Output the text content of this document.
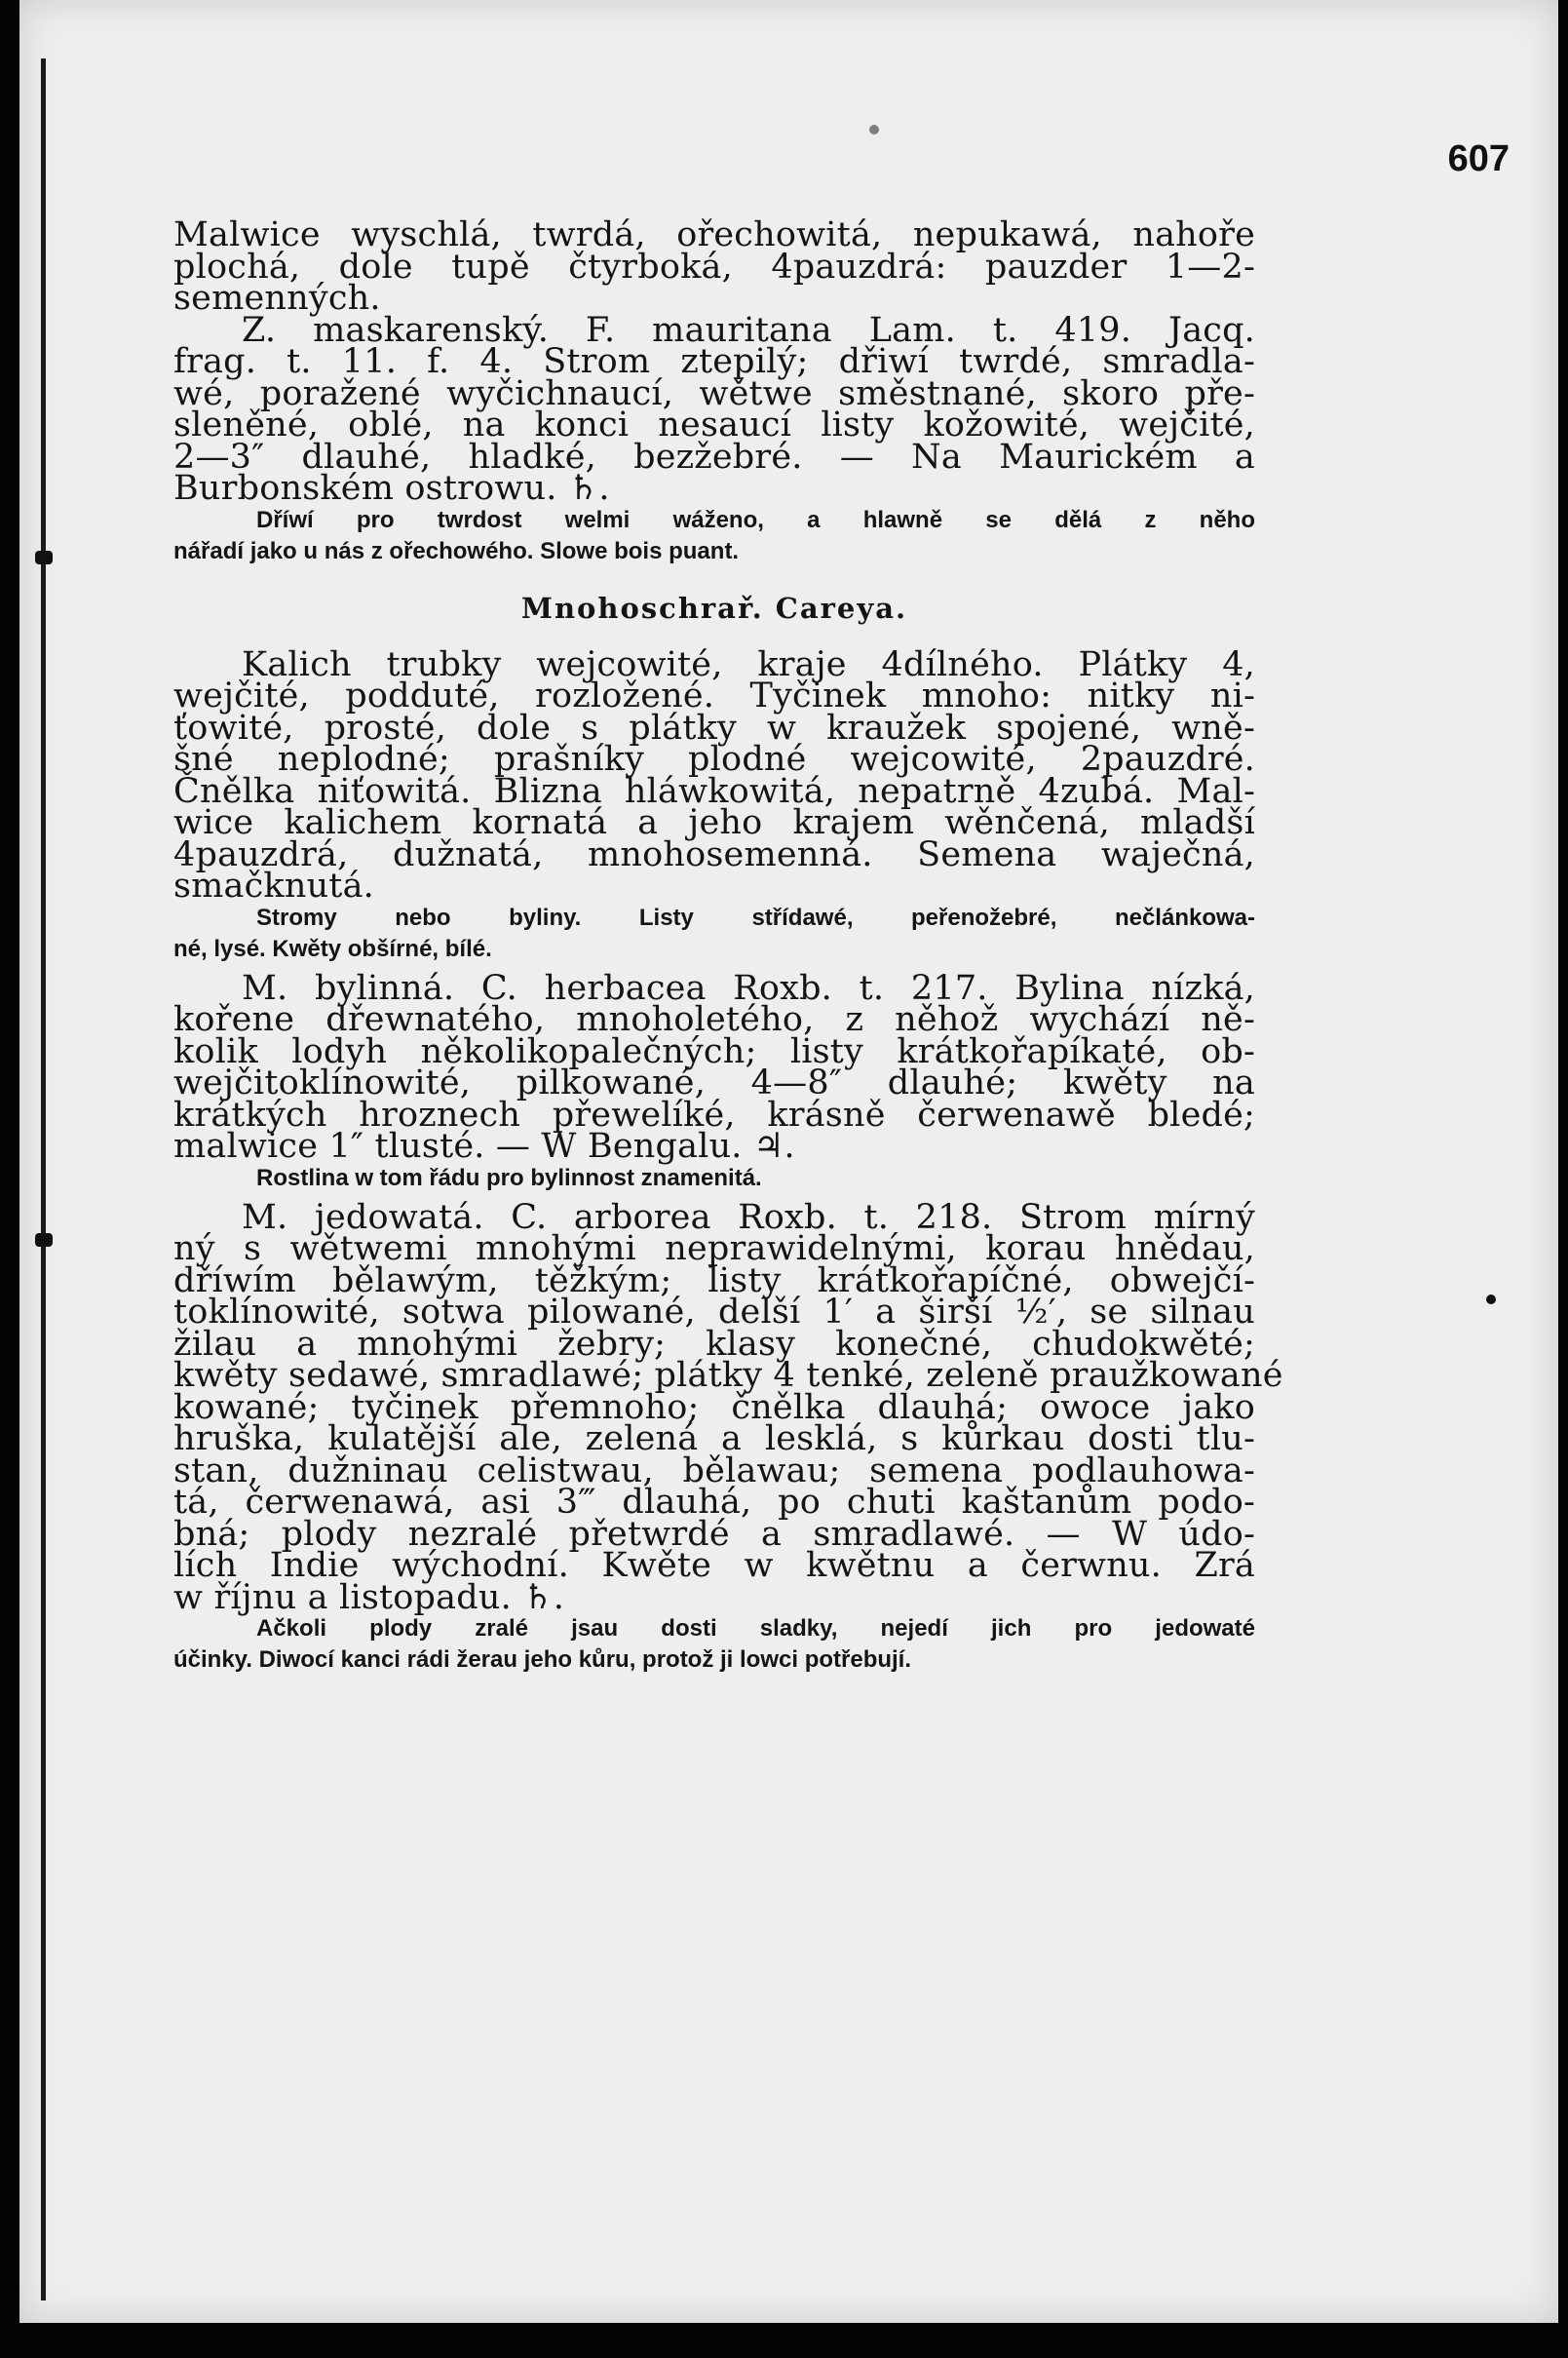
607
Malwice wyschlá, twrdá, ořechowitá, nepukawá, nahoře
plochá, dole tupě čtyrboká, 4pauzdrá: pauzder 1—2-
semenných.
Z. maskarenský. F. mauritana Lam. t. 419. Jacq.
frag. t. 11. f. 4. Strom ztepilý; dřiwí twrdé, smradla-
wé, poražené wyčichnaucí, wětwe směstnané, skoro pře-
sleněné, oblé, na konci nesaucí listy kožowité, wejčité,
2—3″ dlauhé, hladké, bezžebré. — Na Maurickém a
Burbonském ostrowu. ♄.
Dříwí pro twrdost welmi wáženo, a hlawně se dělá z něho
nářadí jako u nás z ořechowého. Slowe bois puant.
Mnohoschrař. Careya.
Kalich trubky wejcowité, kraje 4dílného. Plátky 4,
wejčité, podduté, rozložené. Tyčinek mnoho: nitky ni-
ťowité, prosté, dole s plátky w kraužek spojené, wně-
šné neplodné; prašníky plodné wejcowité, 2pauzdré.
Čnělka niťowitá. Blizna hláwkowitá, nepatrně 4zubá. Mal-
wice kalichem kornatá a jeho krajem wěnčená, mladší
4pauzdrá, dužnatá, mnohosemenná. Semena waječná,
smačknutá.
Stromy nebo byliny. Listy střídawé, peřenožebré, nečlánkowa-
né, lysé. Kwěty obšírné, bílé.
M. bylinná. C. herbacea Roxb. t. 217. Bylina nízká,
kořene dřewnatého, mnoholetého, z něhož wychází ně-
kolik lodyh několikopalečných; listy krátkořapíkaté, ob-
wejčitoklínowité, pilkowané, 4—8″ dlauhé; kwěty na
krátkých hroznech přewelíké, krásně čerwenawě bledé;
malwice 1″ tlusté. — W Bengalu. ♃.
Rostlina w tom řádu pro bylinnost znamenitá.
M. jedowatá. C. arborea Roxb. t. 218. Strom mírný
ný s wětwemi mnohými neprawidelnými, korau hnědau,
dříwím bělawým, těžkým; listy krátkořapíčné, obwejčí-
toklínowité, sotwa pilowané, delší 1′ a širší ½′, se silnau
žilau a mnohými žebry; klasy konečné, chudokwěté;
kwěty sedawé, smradlawé; plátky 4 tenké, zeleně praužkowané
kowané; tyčinek přemnoho; čnělka dlauhá; owoce jako
hruška, kulatější ale, zelená a lesklá, s kůrkau dosti tlu-
stan, dužninau celistwau, bělawau; semena podlauhowa-
tá, čerwenawá, asi 3‴ dlauhá, po chuti kaštanům podo-
bná; plody nezralé přetwrdé a smradlawé. — W údo-
lích Indie wýchodní. Kwěte w kwětnu a čerwnu. Zrá
w říjnu a listopadu. ♄.
Ačkoli plody zralé jsau dosti sladky, nejedí jich pro jedowaté
účinky. Diwocí kanci rádi žerau jeho kůru, protož ji lowci potřebují.
